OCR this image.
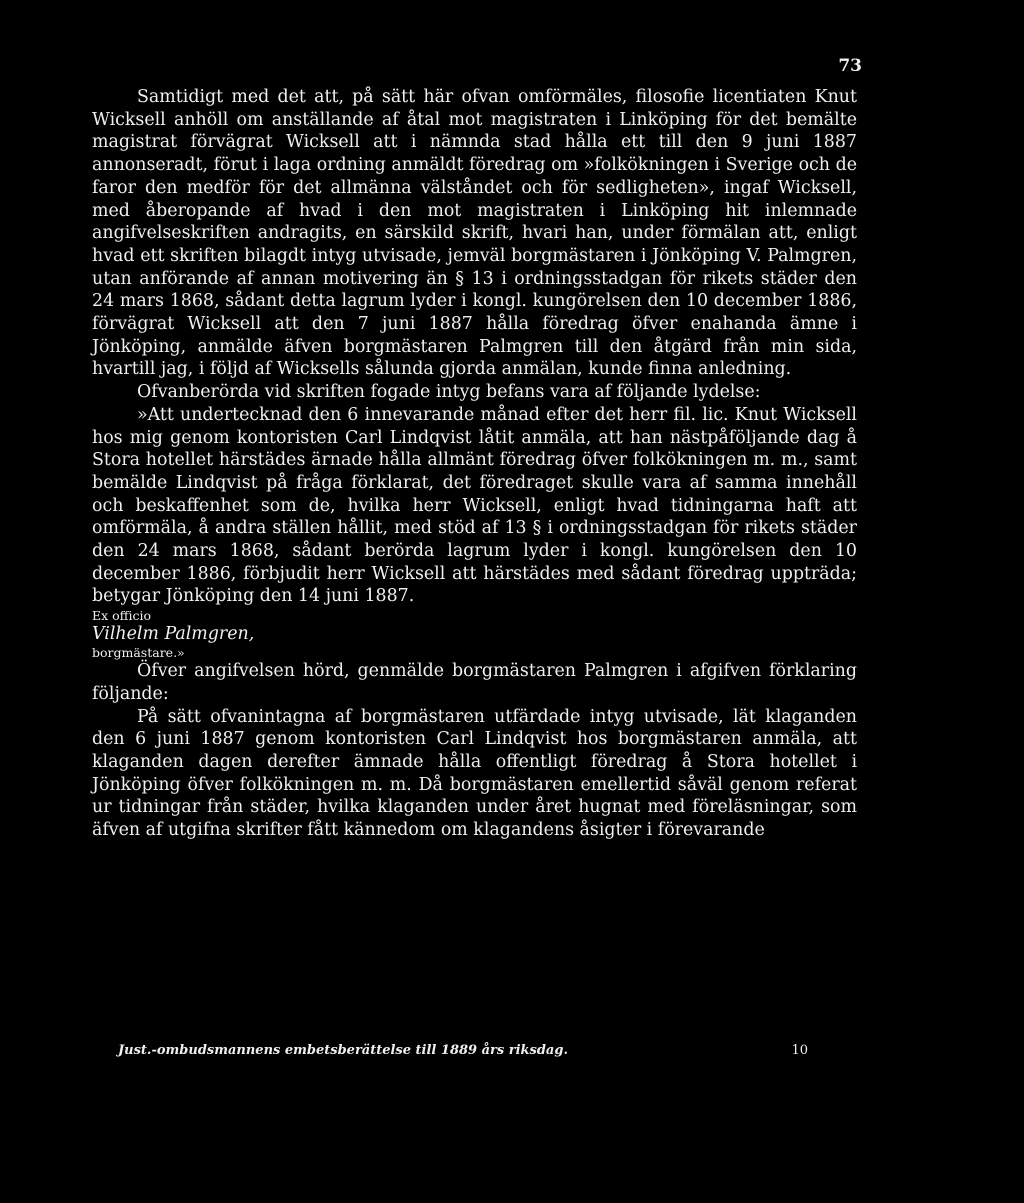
73

Samtidigt med det att, på sätt här ofvan omförmäles, filosofie licentiaten Knut Wicksell anhöll om anställande af åtal mot magistraten i Linköping för det bemälte magistrat förvägrat Wicksell att i nämnda stad hålla ett till den 9 juni 1887 annonseradt, förut i laga ordning anmäldt föredrag om »folkökningen i Sverige och de faror den medför för det allmänna välståndet och för sedligheten», ingaf Wicksell, med åberopande af hvad i den mot magistraten i Linköping hit inlemnade angifvelseskriften andragits, en särskild skrift, hvari han, under förmälan att, enligt hvad ett skriften bilagdt intyg utvisade, jemväl borgmästaren i Jönköping V. Palmgren, utan anförande af annan motivering än § 13 i ordningsstadgan för rikets städer den 24 mars 1868, sådant detta lagrum lyder i kongl. kungörelsen den 10 december 1886, förvägrat Wicksell att den 7 juni 1887 hålla föredrag öfver enahanda ämne i Jönköping, anmälde äfven borgmästaren Palmgren till den åtgärd från min sida, hvartill jag, i följd af Wicksells sålunda gjorda anmälan, kunde finna anledning.

Ofvanberörda vid skriften fogade intyg befans vara af följande lydelse:

»Att undertecknad den 6 innevarande månad efter det herr fil. lic. Knut Wicksell hos mig genom kontoristen Carl Lindqvist låtit anmäla, att han nästpåföljande dag å Stora hotellet härstädes ärnade hålla allmänt föredrag öfver folkökningen m. m., samt bemälde Lindqvist på fråga förklarat, det föredraget skulle vara af samma innehåll och beskaffenhet som de, hvilka herr Wicksell, enligt hvad tidningarna haft att omförmäla, å andra ställen hållit, med stöd af 13 § i ordningsstadgan för rikets städer den 24 mars 1868, sådant berörda lagrum lyder i kongl. kungörelsen den 10 december 1886, förbjudit herr Wicksell att härstädes med sådant föredrag uppträda; betygar Jönköping den 14 juni 1887.

Ex officio

Vilhelm Palmgren,

borgmästare.»

Öfver angifvelsen hörd, genmälde borgmästaren Palmgren i afgifven förklaring följande:

På sätt ofvanintagna af borgmästaren utfärdade intyg utvisade, lät klaganden den 6 juni 1887 genom kontoristen Carl Lindqvist hos borgmästaren anmäla, att klaganden dagen derefter ämnade hålla offentligt föredrag å Stora hotellet i Jönköping öfver folkökningen m. m. Då borgmästaren emellertid såväl genom referat ur tidningar från städer, hvilka klaganden under året hugnat med föreläsningar, som äfven af utgifna skrifter fått kännedom om klagandens åsigter i förevarande

Just.-ombudsmannens embetsberättelse till 1889 års riksdag.	10
